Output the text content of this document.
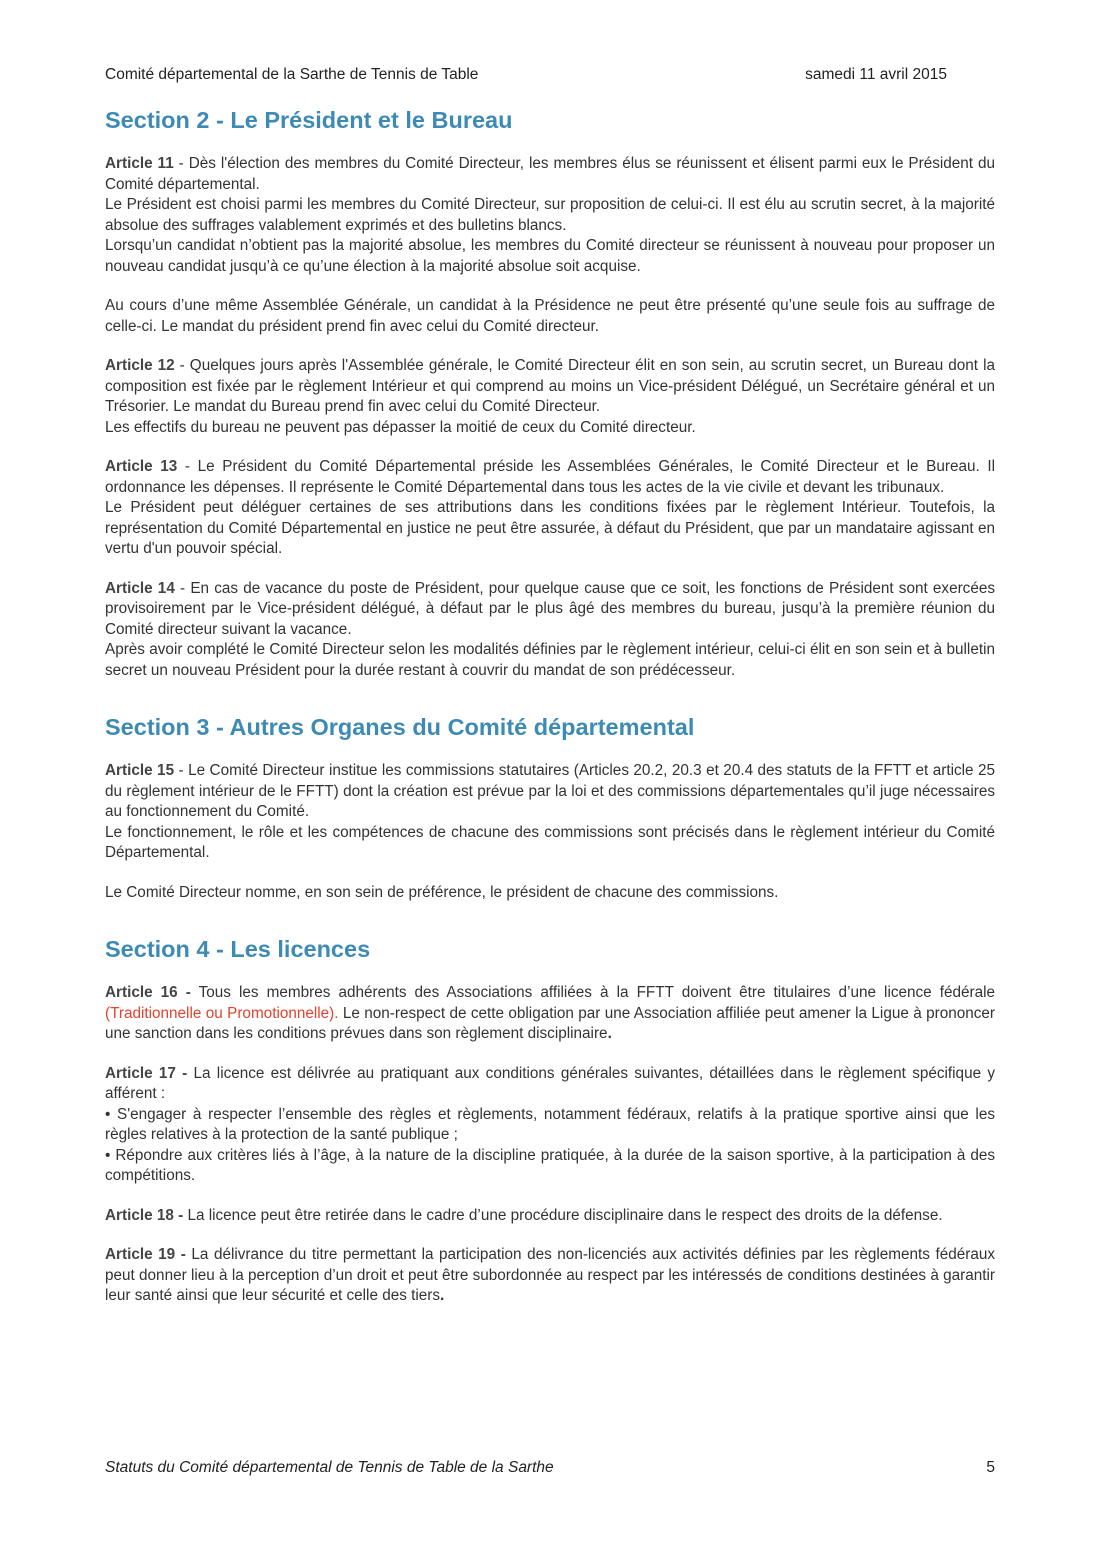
Comité départemental de la Sarthe de Tennis de Table	samedi 11 avril 2015
Section 2 - Le Président et le Bureau

Article 11 - Dès l'élection des membres du Comité Directeur, les membres élus se réunissent et élisent parmi eux le Président du Comité départemental.
Le Président est choisi parmi les membres du Comité Directeur, sur proposition de celui-ci. Il est élu au scrutin secret, à la majorité absolue des suffrages valablement exprimés et des bulletins blancs.
Lorsqu’un candidat n’obtient pas la majorité absolue, les membres du Comité directeur se réunissent à nouveau pour proposer un nouveau candidat jusqu’à ce qu’une élection à la majorité absolue soit acquise.

Au cours d’une même Assemblée Générale, un candidat à la Présidence ne peut être présenté qu’une seule fois au suffrage de celle-ci. Le mandat du président prend fin avec celui du Comité directeur.

Article 12 - Quelques jours après l'Assemblée générale, le Comité Directeur élit en son sein, au scrutin secret, un Bureau dont la composition est fixée par le règlement Intérieur et qui comprend au moins un Vice-président Délégué, un Secrétaire général et un Trésorier. Le mandat du Bureau prend fin avec celui du Comité Directeur.
Les effectifs du bureau ne peuvent pas dépasser la moitié de ceux du Comité directeur.

Article 13 - Le Président du Comité Départemental préside les Assemblées Générales, le Comité Directeur et le Bureau. Il ordonnance les dépenses. Il représente le Comité Départemental dans tous les actes de la vie civile et devant les tribunaux.
Le Président peut déléguer certaines de ses attributions dans les conditions fixées par le règlement Intérieur. Toutefois, la représentation du Comité Départemental en justice ne peut être assurée, à défaut du Président, que par un mandataire agissant en vertu d'un pouvoir spécial.

Article 14 - En cas de vacance du poste de Président, pour quelque cause que ce soit, les fonctions de Président sont exercées provisoirement par le Vice-président délégué, à défaut par le plus âgé des membres du bureau, jusqu’à la première réunion du Comité directeur suivant la vacance.
Après avoir complété le Comité Directeur selon les modalités définies par le règlement intérieur, celui-ci élit en son sein et à bulletin secret un nouveau Président pour la durée restant à couvrir du mandat de son prédécesseur.

Section 3 - Autres Organes du Comité départemental

Article 15 - Le Comité Directeur institue les commissions statutaires (Articles 20.2, 20.3 et 20.4 des statuts de la FFTT et article 25 du règlement intérieur de le FFTT) dont la création est prévue par la loi et des commissions départementales qu’il juge nécessaires au fonctionnement du Comité.
Le fonctionnement, le rôle et les compétences de chacune des commissions sont précisés dans le règlement intérieur du Comité Départemental.

Le Comité Directeur nomme, en son sein de préférence, le président de chacune des commissions.

Section 4 - Les licences

Article 16 - Tous les membres adhérents des Associations affiliées à la FFTT doivent être titulaires d’une licence fédérale (Traditionnelle ou Promotionnelle). Le non-respect de cette obligation par une Association affiliée peut amener la Ligue à prononcer une sanction dans les conditions prévues dans son règlement disciplinaire.

Article 17 - La licence est délivrée au pratiquant aux conditions générales suivantes, détaillées dans le règlement spécifique y afférent :
• S'engager à respecter l’ensemble des règles et règlements, notamment fédéraux, relatifs à la pratique sportive ainsi que les règles relatives à la protection de la santé publique ;
• Répondre aux critères liés à l’âge, à la nature de la discipline pratiquée, à la durée de la saison sportive, à la participation à des compétitions.

Article 18 - La licence peut être retirée dans le cadre d’une procédure disciplinaire dans le respect des droits de la défense.

Article 19 - La délivrance du titre permettant la participation des non-licenciés aux activités définies par les règlements fédéraux peut donner lieu à la perception d’un droit et peut être subordonnée au respect par les intéressés de conditions destinées à garantir leur santé ainsi que leur sécurité et celle des tiers.

Statuts du Comité départemental de Tennis de Table de la Sarthe	5
